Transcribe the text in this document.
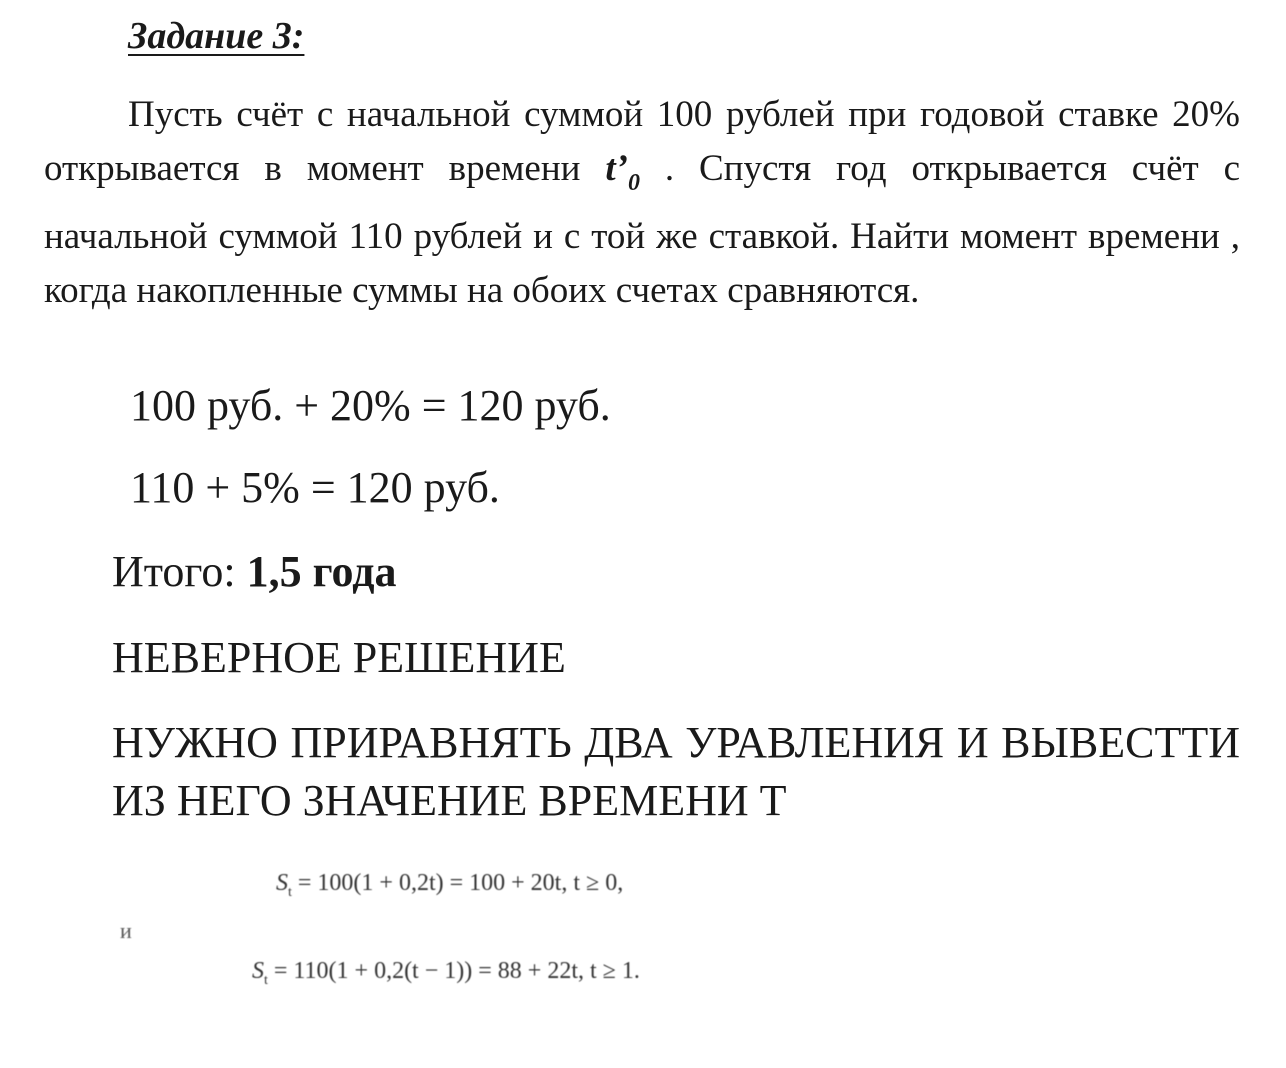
Задание 3:
Пусть счёт с начальной суммой 100 рублей при годовой ставке 20% открывается в момент времени $t’_0$ . Спустя год открывается счёт с начальной суммой 110 рублей и с той же ставкой. Найти момент времени , когда накопленные суммы на обоих счетах сравняются.
100 руб. + 20% = 120 руб.
110 + 5% = 120 руб.
Итого: 1,5 года
НЕВЕРНОЕ РЕШЕНИЕ
НУЖНО ПРИРАВНЯТЬ ДВА УРАВЛЕНИЯ И ВЫВЕСТТИ ИЗ НЕГО ЗНАЧЕНИЕ ВРЕМЕНИ Т
$S_t = 100(1 + 0,2t) = 100 + 20t$, t ≥ 0,
и
$S_t = 110(1 + 0,2(t - 1)) = 88 + 22t$, t ≥ 1.
